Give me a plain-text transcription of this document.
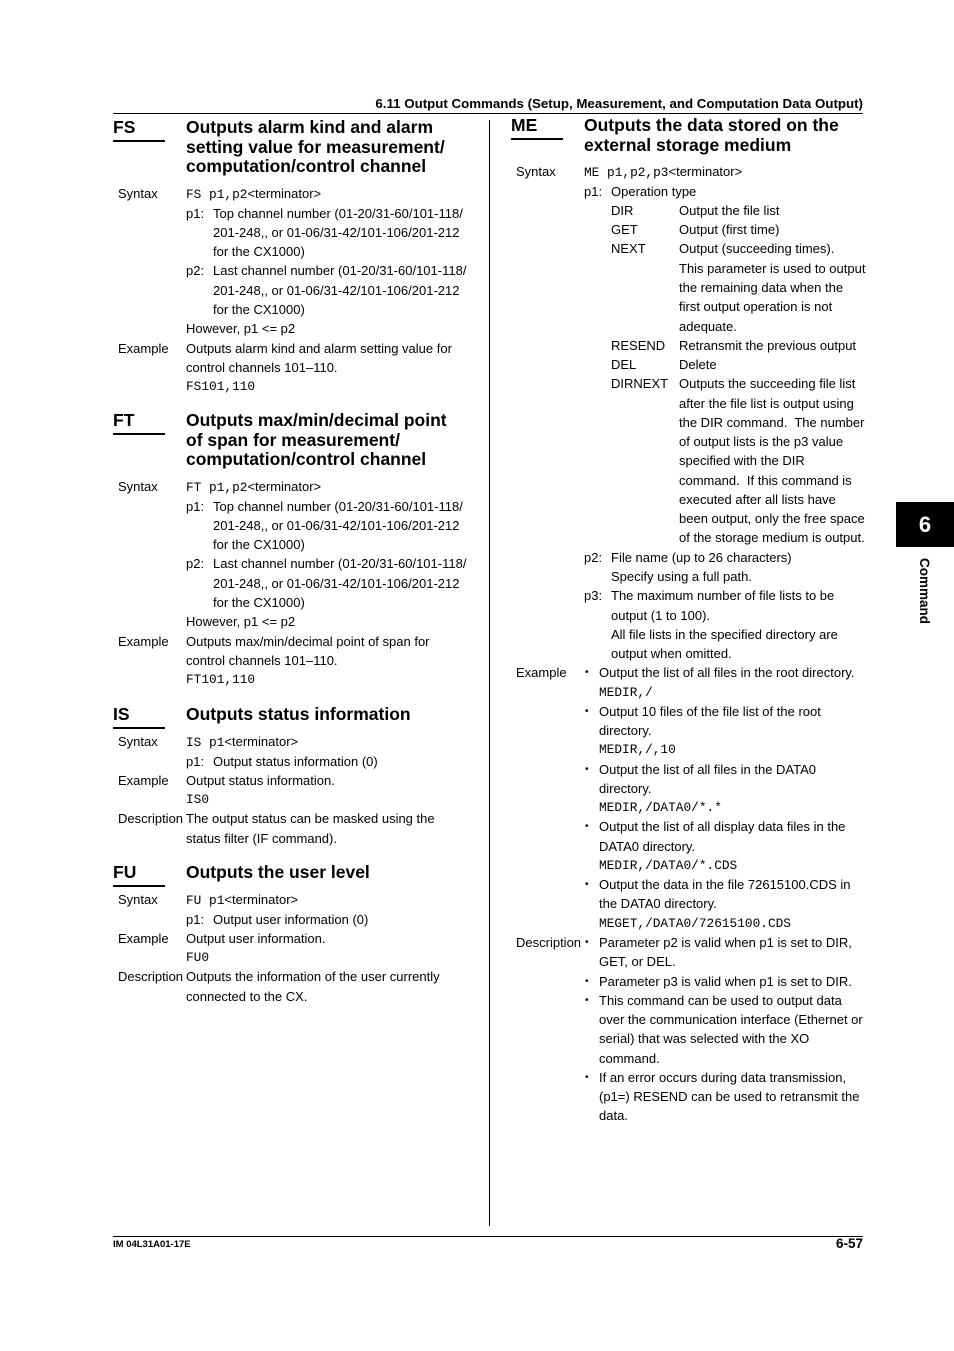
6.11 Output Commands (Setup, Measurement, and Computation Data Output)
6
Command
FS	Outputs alarm kind and alarm
setting value for measurement/
computation/control channel
Syntax FS p1,p2<terminator>
p1: Top channel number (01-20/31-60/101-118/
201-248,, or 01-06/31-42/101-106/201-212
for the CX1000)
p2: Last channel number (01-20/31-60/101-118/
201-248,, or 01-06/31-42/101-106/201-212
for the CX1000)
However, p1 <= p2
Example Outputs alarm kind and alarm setting value for
control channels 101–110.
FS101,110
FT	Outputs max/min/decimal point
of span for measurement/
computation/control channel
Syntax FT p1,p2<terminator>
p1: Top channel number (01-20/31-60/101-118/
201-248,, or 01-06/31-42/101-106/201-212
for the CX1000)
p2: Last channel number (01-20/31-60/101-118/
201-248,, or 01-06/31-42/101-106/201-212
for the CX1000)
However, p1 <= p2
Example Outputs max/min/decimal point of span for
control channels 101–110.
FT101,110
IS	Outputs status information
Syntax IS p1<terminator>
p1: Output status information (0)
Example Output status information.
IS0
Description The output status can be masked using the
status filter (IF command).
FU	Outputs the user level
Syntax FU p1<terminator>
p1: Output user information (0)
Example Output user information.
FU0
Description Outputs the information of the user currently
connected to the CX.
ME	Outputs the data stored on the
external storage medium
Syntax ME p1,p2,p3<terminator>
p1: Operation type
DIR	Output the file list
GET	Output (first time)
NEXT	Output (succeeding times).
This parameter is used to output
the remaining data when the
first output operation is not
adequate.
RESEND Retransmit the previous output
DEL	Delete
DIRNEXT Outputs the succeeding file list
after the file list is output using
the DIR command.  The number
of output lists is the p3 value
specified with the DIR
command.  If this command is
executed after all lists have
been output, only the free space
of the storage medium is output.
p2: File name (up to 26 characters)
Specify using a full path.
p3: The maximum number of file lists to be
output (1 to 100).
All file lists in the specified directory are
output when omitted.
Example • Output the list of all files in the root directory.
MEDIR,/
•
Output 10 files of the file list of the root
directory.
MEDIR,/,10
•
Output the list of all files in the DATA0
directory.
MEDIR,/DATA0/*.*
•
Output the list of all display data files in the
DATA0 directory.
MEDIR,/DATA0/*.CDS
•
Output the data in the file 72615100.CDS in
the DATA0 directory.
MEGET,/DATA0/72615100.CDS
Description • Parameter p2 is valid when p1 is set to DIR,
GET, or DEL.
•
Parameter p3 is valid when p1 is set to DIR.
•
This command can be used to output data
over the communication interface (Ethernet or
serial) that was selected with the XO
command.
•
If an error occurs during data transmission,
(p1=) RESEND can be used to retransmit the
data.
IM 04L31A01-17E	6-57
